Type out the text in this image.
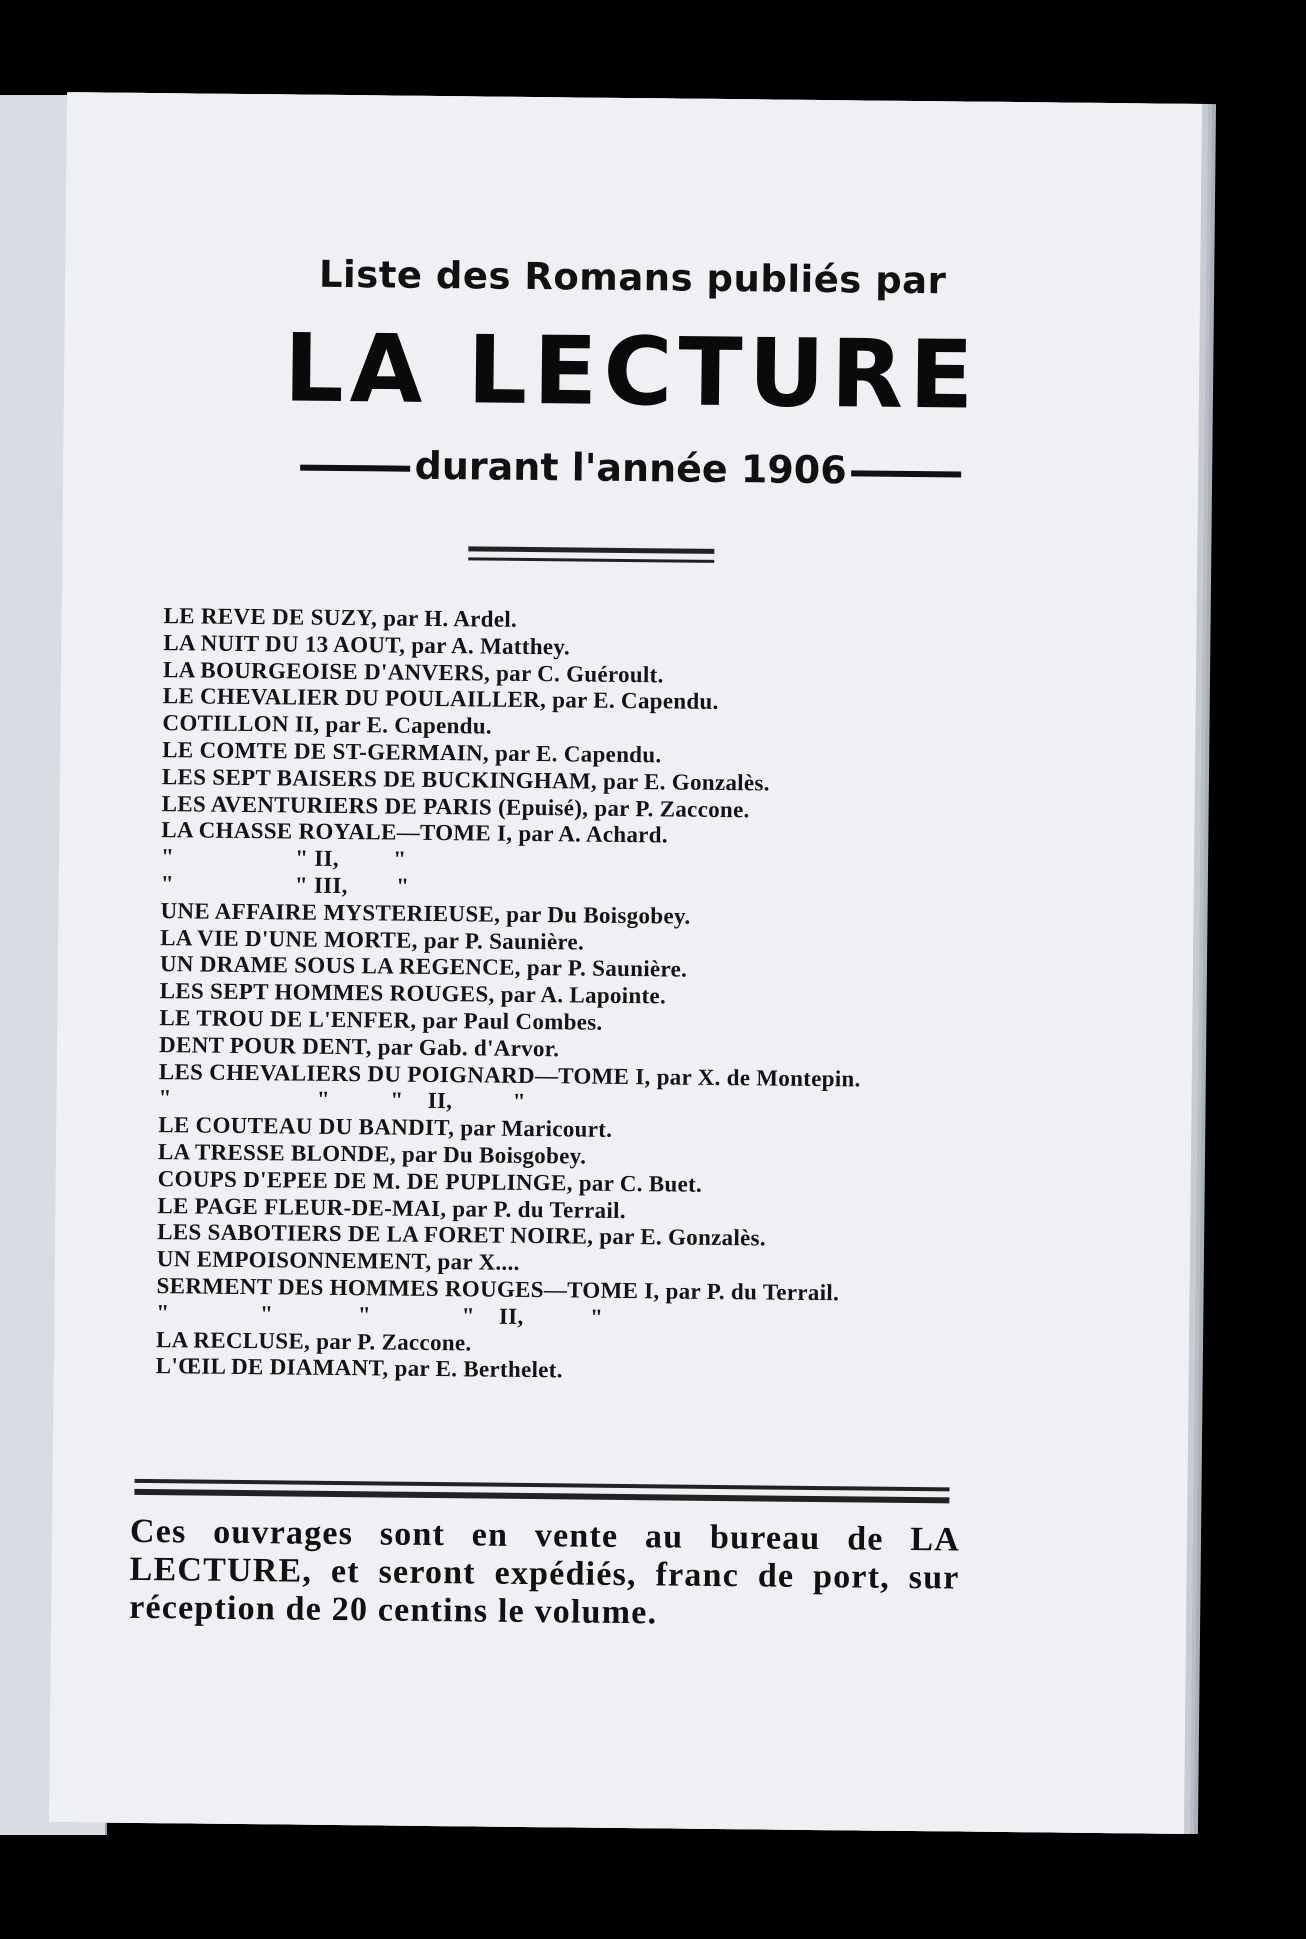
Liste des Romans publiés par
LA LECTURE
durant l'année 1906
LE REVE DE SUZY, par H. Ardel.
LA NUIT DU 13 AOUT, par A. Matthey.
LA BOURGEOISE D'ANVERS, par C. Guéroult.
LE CHEVALIER DU POULAILLER, par E. Capendu.
COTILLON II, par E. Capendu.
LE COMTE DE ST-GERMAIN, par E. Capendu.
LES SEPT BAISERS DE BUCKINGHAM, par E. Gonzalès.
LES AVENTURIERS DE PARIS (Epuisé), par P. Zaccone.
LA CHASSE ROYALE—TOME I, par A. Achard.
"                    " II,         "
"                    " III,        "
UNE AFFAIRE MYSTERIEUSE, par Du Boisgobey.
LA VIE D'UNE MORTE, par P. Saunière.
UN DRAME SOUS LA REGENCE, par P. Saunière.
LES SEPT HOMMES ROUGES, par A. Lapointe.
LE TROU DE L'ENFER, par Paul Combes.
DENT POUR DENT, par Gab. d'Arvor.
LES CHEVALIERS DU POIGNARD—TOME I, par X. de Montepin.
"                        "          "    II,          "
LE COUTEAU DU BANDIT, par Maricourt.
LA TRESSE BLONDE, par Du Boisgobey.
COUPS D'EPEE DE M. DE PUPLINGE, par C. Buet.
LE PAGE FLEUR-DE-MAI, par P. du Terrail.
LES SABOTIERS DE LA FORET NOIRE, par E. Gonzalès.
UN EMPOISONNEMENT, par X....
SERMENT DES HOMMES ROUGES—TOME I, par P. du Terrail.
"               "              "               "    II,           "
LA RECLUSE, par P. Zaccone.
L'ŒIL DE DIAMANT, par E. Berthelet.
Ces ouvrages sont en vente au bureau de LA LECTURE, et seront expédiés, franc de port, sur réception de 20 centins le volume.
